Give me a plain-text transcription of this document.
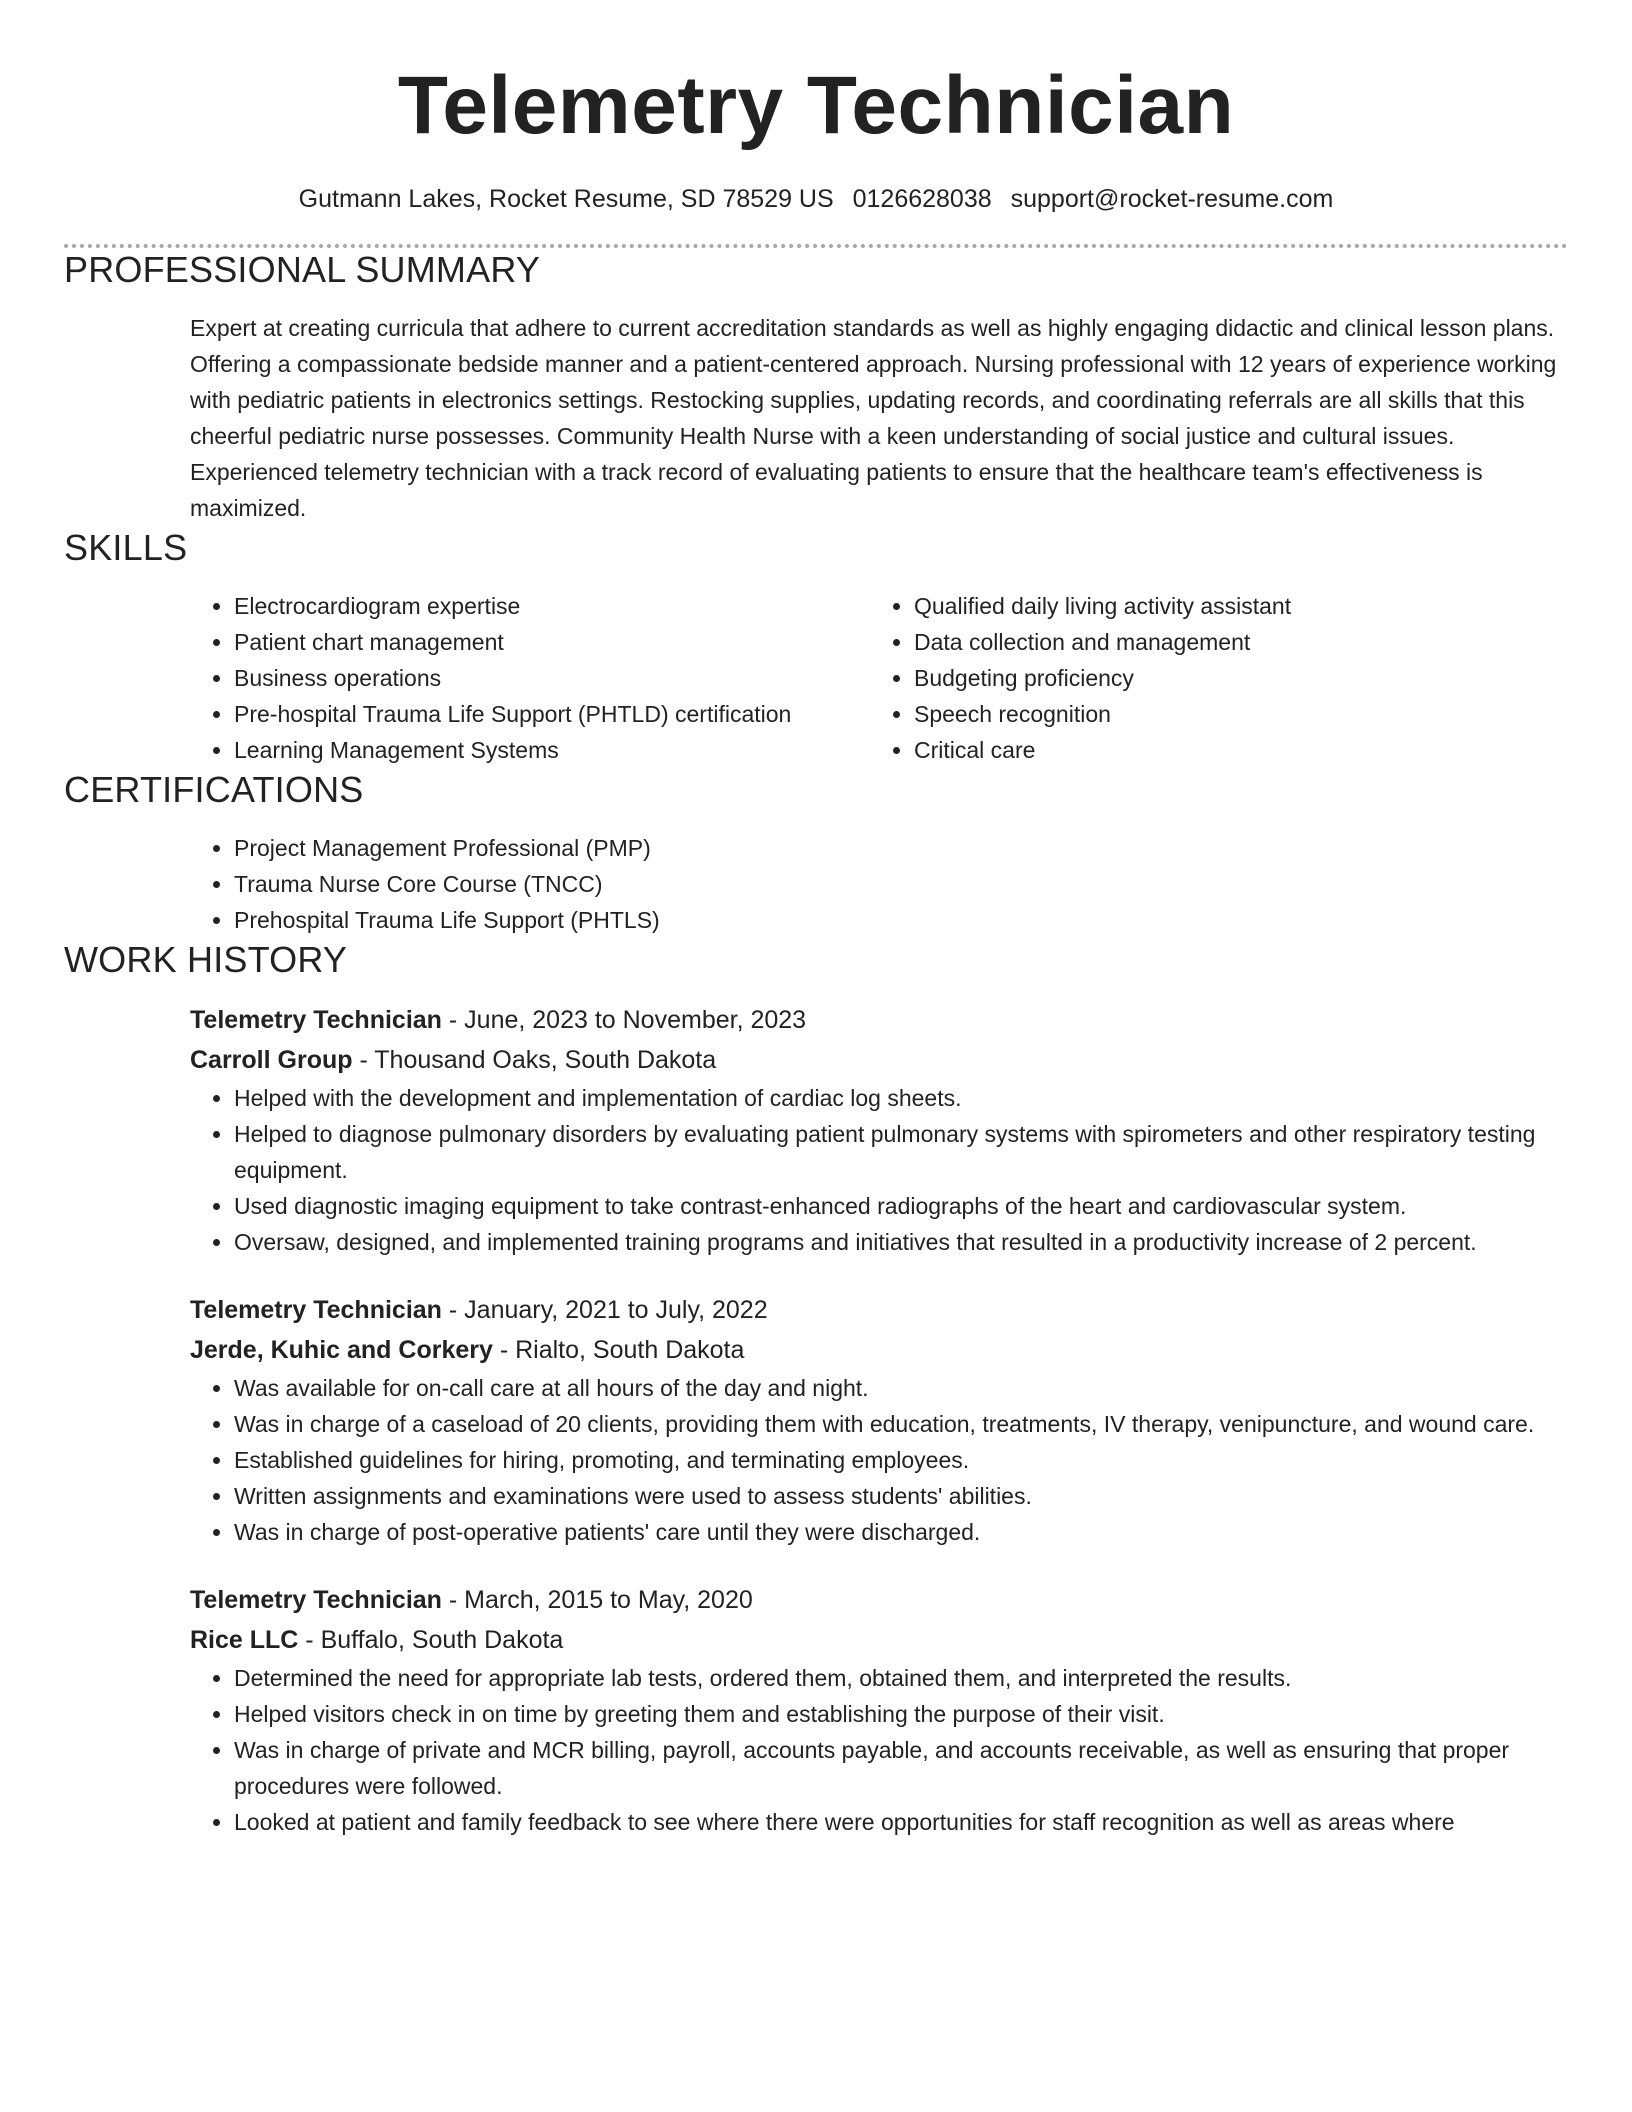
Telemetry Technician
Gutmann Lakes, Rocket Resume, SD 78529 US 0126628038 support@rocket-resume.com
PROFESSIONAL SUMMARY
Expert at creating curricula that adhere to current accreditation standards as well as highly engaging didactic and clinical lesson plans. Offering a compassionate bedside manner and a patient-centered approach. Nursing professional with 12 years of experience working with pediatric patients in electronics settings. Restocking supplies, updating records, and coordinating referrals are all skills that this cheerful pediatric nurse possesses. Community Health Nurse with a keen understanding of social justice and cultural issues. Experienced telemetry technician with a track record of evaluating patients to ensure that the healthcare team's effectiveness is maximized.
SKILLS
• Electrocardiogram expertise
• Patient chart management
• Business operations
• Pre-hospital Trauma Life Support (PHTLD) certification
• Learning Management Systems
• Qualified daily living activity assistant
• Data collection and management
• Budgeting proficiency
• Speech recognition
• Critical care
CERTIFICATIONS
• Project Management Professional (PMP)
• Trauma Nurse Core Course (TNCC)
• Prehospital Trauma Life Support (PHTLS)
WORK HISTORY
Telemetry Technician - June, 2023 to November, 2023
Carroll Group - Thousand Oaks, South Dakota
• Helped with the development and implementation of cardiac log sheets.
• Helped to diagnose pulmonary disorders by evaluating patient pulmonary systems with spirometers and other respiratory testing equipment.
• Used diagnostic imaging equipment to take contrast-enhanced radiographs of the heart and cardiovascular system.
• Oversaw, designed, and implemented training programs and initiatives that resulted in a productivity increase of 2 percent.
Telemetry Technician - January, 2021 to July, 2022
Jerde, Kuhic and Corkery - Rialto, South Dakota
• Was available for on-call care at all hours of the day and night.
• Was in charge of a caseload of 20 clients, providing them with education, treatments, IV therapy, venipuncture, and wound care.
• Established guidelines for hiring, promoting, and terminating employees.
• Written assignments and examinations were used to assess students' abilities.
• Was in charge of post-operative patients' care until they were discharged.
Telemetry Technician - March, 2015 to May, 2020
Rice LLC - Buffalo, South Dakota
• Determined the need for appropriate lab tests, ordered them, obtained them, and interpreted the results.
• Helped visitors check in on time by greeting them and establishing the purpose of their visit.
• Was in charge of private and MCR billing, payroll, accounts payable, and accounts receivable, as well as ensuring that proper procedures were followed.
• Looked at patient and family feedback to see where there were opportunities for staff recognition as well as areas where
